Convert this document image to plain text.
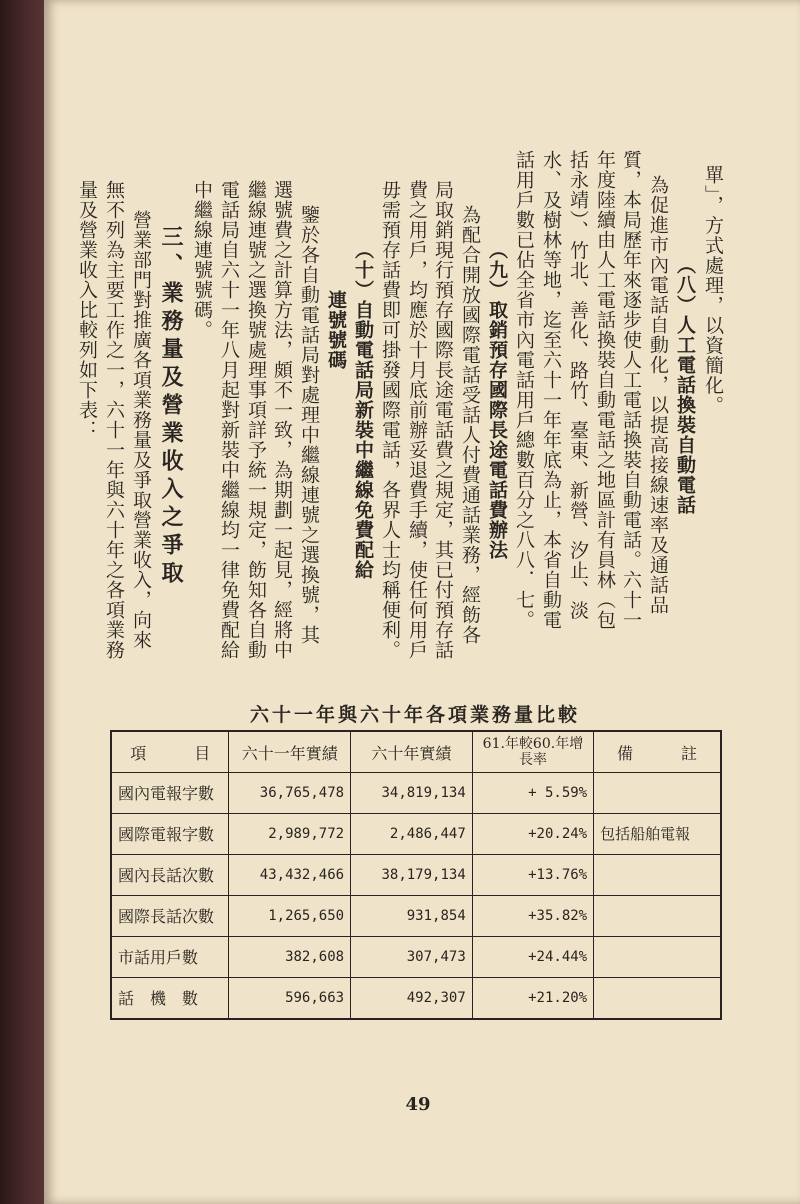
單」，方式處理，以資簡化。
（八）人工電話換裝自動電話
為促進市內電話自動化，以提高接線速率及通話品
質，本局歷年來逐步使人工電話換裝自動電話。六十一
年度陸續由人工電話換裝自動電話之地區計有員林（包
括永靖）、竹北、善化、路竹、臺東、新營、汐止、淡
水、及樹林等地，迄至六十一年年底為止，本省自動電
話用戶數已佔全省市內電話用戶總數百分之八八．七。
（九）取銷預存國際長途電話費辦法
為配合開放國際電話受話人付費通話業務，經飭各
局取銷現行預存國際長途電話費之規定，其已付預存話
費之用戶，均應於十月底前辦妥退費手續，使任何用戶
毋需預存話費即可掛發國際電話，各界人士均稱便利。
（十）自動電話局新裝中繼線免費配給
連號號碼
鑒於各自動電話局對處理中繼線連號之選換號，其
選號費之計算方法，頗不一致，為期劃一起見，經將中
繼線連號之選換號處理事項詳予統一規定，飭知各自動
電話局自六十一年八月起對新裝中繼線均一律免費配給
中繼線連號號碼。
三、業務量及營業收入之爭取
營業部門對推廣各項業務量及爭取營業收入，向來
無不列為主要工作之一，六十一年與六十年之各項業務
量及營業收入比較列如下表：
六十一年與六十年各項業務量比較
項　　　目	六十一年實績	六十年實績	61.年較60.年增長率	備　　　註
國內電報字數	36,765,478	34,819,134	+ 5.59%	
國際電報字數	2,989,772	2,486,447	+20.24%	包括船舶電報
國內長話次數	43,432,466	38,179,134	+13.76%	
國際長話次數	1,265,650	931,854	+35.82%	
市話用戶數	382,608	307,473	+24.44%	
話　機　數	596,663	492,307	+21.20%	
49
